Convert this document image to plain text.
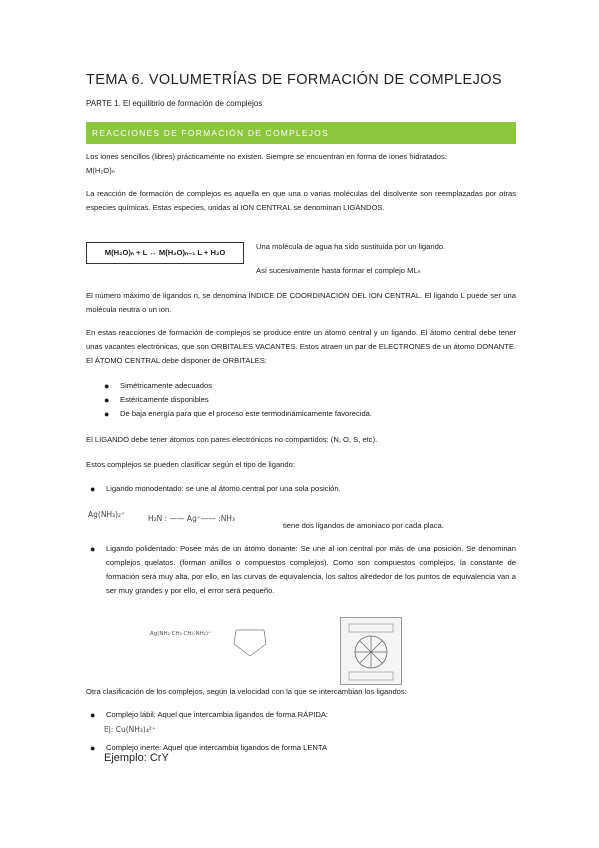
TEMA 6. VOLUMETRÍAS DE FORMACIÓN DE COMPLEJOS
PARTE 1. El equilibrio de formación de complejos
REACCIONES DE FORMACIÓN DE COMPLEJOS
Los iones sencillos (libres) prácticamente no existen. Siempre se encuentran en forma de iones hidratados:
M(H₂O)ₙ
La reacción de formación de complejos es aquella en que una o varias moléculas del disolvente son reemplazadas por otras especies químicas. Estas especies, unidas al ION CENTRAL se denominan LIGANDOS.
M(H₂O)ₙ + L ↔ M(H₂O)ₙ₋₁ L + H₂O
Una molécula de agua ha sido sustituida por un ligando.
Así sucesivamente hasta formar el complejo MLₙ
El número máximo de ligandos n, se denomina ÍNDICE DE COORDINACIÓN DEL ION CENTRAL. El ligando L puede ser una molécula neutra o un ion.
En estas reacciones de formación de complejos se produce entre un átomo central y un ligando. El átomo central debe tener unas vacantes electrónicas, que son ORBITALES VACANTES. Estos atraen un par de ELECTRONES de un átomo DONANTE. El ÁTOMO CENTRAL debe disponer de ORBITALES:
● Simétricamente adecuados
● Estéricamente disponibles
● De baja energía para que el proceso este termodinámicamente favorecida.
El LIGANDO debe tener átomos con pares electrónicos no compartidos: (N, O, S, etc).
Estos complejos se pueden clasificar según el tipo de ligando:
● Ligando monodentado: se une al átomo central por una sola posición.
Ag(NH₃)₂⁺	H₃N : —— Ag⁺—— :NH₃
tiene dos ligandos de amoniaco por cada placa.
● Ligando polidentado: Posee más de un átomo donante: Se une al ion central por más de una posición. Se denominan complejos quelatos. (forman anillos o compuestos complejos). Como son compuestos complejos, la constante de formación será muy alta, por ello, en las curvas de equivalencia, los saltos alrededor de los puntos de equivalencia van a ser muy grandes y por ello, el error será pequeño.
Ag(NH₂·CH₂·CH₂·NH₂)⁺
Otra clasificación de los complejos, según la velocidad con la que se intercambian los ligandos:
● Complejo lábil: Aquel que intercambia ligandos de forma RÁPIDA:
Ej: Cu(NH₃)₄²⁺
● Complejo inerte: Aquel que intercambia ligandos de forma LENTA
Ejemplo: CrY
